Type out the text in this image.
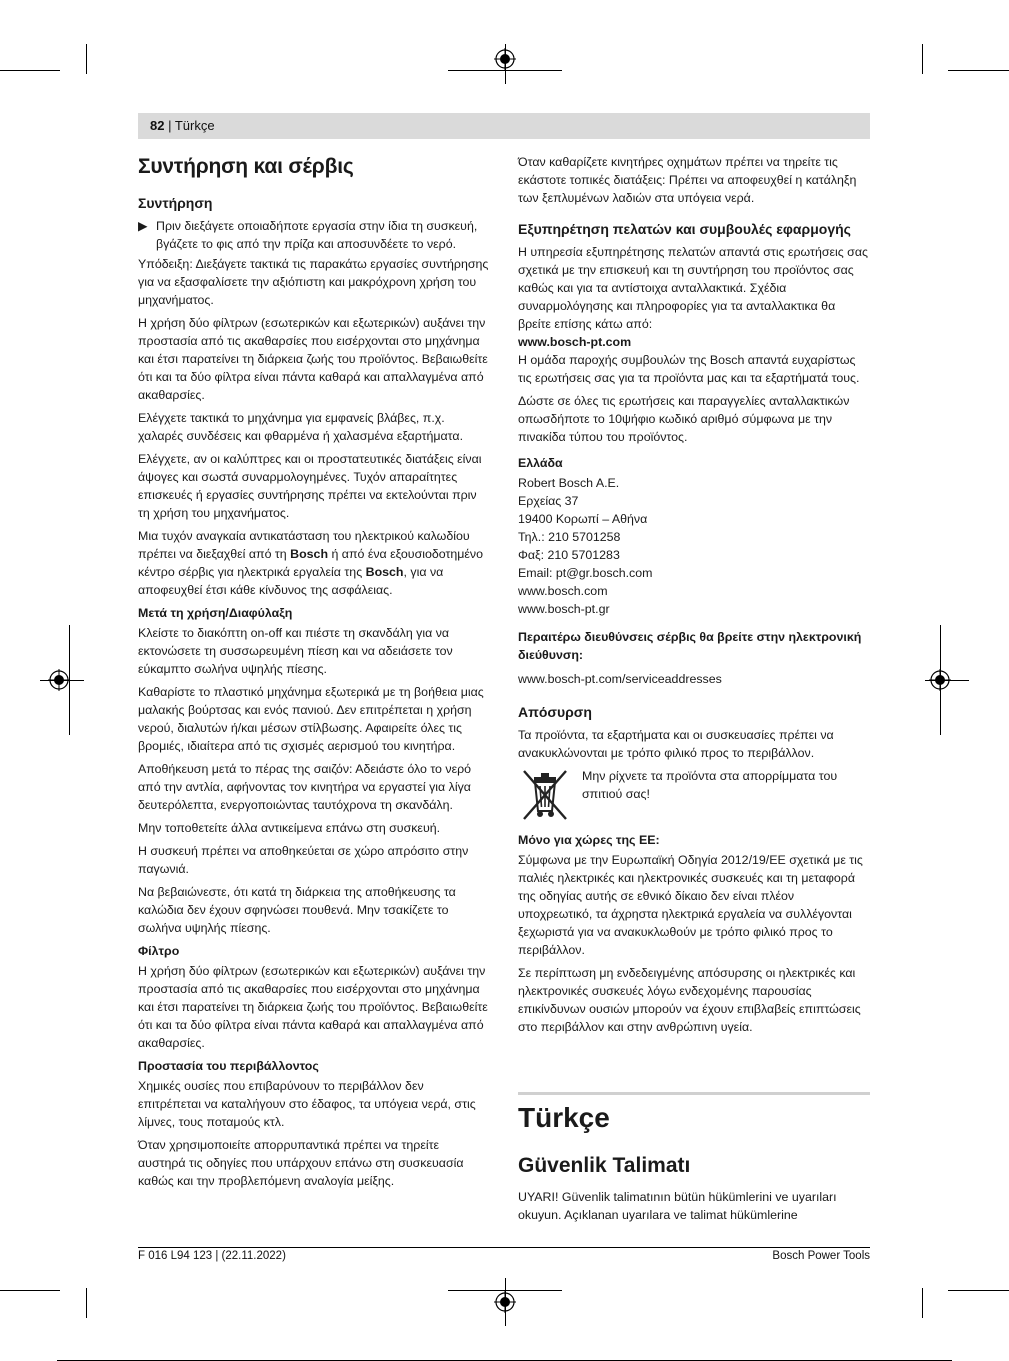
82 | Türkçe
Συντήρηση και σέρβις
Συντήρηση

▶ Πριν διεξάγετε οποιαδήποτε εργασία στην ίδια τη συσκευή, βγάζετε το φις από την πρίζα και αποσυνδέετε το νερό.

Υπόδειξη: Διεξάγετε τακτικά τις παρακάτω εργασίες συντήρησης για να εξασφαλίσετε την αξιόπιστη και μακρόχρονη χρήση του μηχανήματος.

Η χρήση δύο φίλτρων (εσωτερικών και εξωτερικών) αυξάνει την προστασία από τις ακαθαρσίες που εισέρχονται στο μηχάνημα και έτσι παρατείνει τη διάρκεια ζωής του προϊόντος. Βεβαιωθείτε ότι και τα δύο φίλτρα είναι πάντα καθαρά και απαλλαγμένα από ακαθαρσίες.

Ελέγχετε τακτικά το μηχάνημα για εμφανείς βλάβες, π.χ. χαλαρές συνδέσεις και φθαρμένα ή χαλασμένα εξαρτήματα.

Ελέγχετε, αν οι καλύπτρες και οι προστατευτικές διατάξεις είναι άψογες και σωστά συναρμολογημένες. Τυχόν απαραίτητες επισκευές ή εργασίες συντήρησης πρέπει να εκτελούνται πριν τη χρήση του μηχανήματος.

Μια τυχόν αναγκαία αντικατάσταση του ηλεκτρικού καλωδίου πρέπει να διεξαχθεί από τη Bosch ή από ένα εξουσιοδοτημένο κέντρο σέρβις για ηλεκτρικά εργαλεία της Bosch, για να αποφευχθεί έτσι κάθε κίνδυνος της ασφάλειας.

Μετά τη χρήση/Διαφύλαξη

Κλείστε το διακόπτη on-off και πιέστε τη σκανδάλη για να εκτονώσετε τη συσσωρευμένη πίεση και να αδειάσετε τον εύκαμπτο σωλήνα υψηλής πίεσης.

Καθαρίστε το πλαστικό μηχάνημα εξωτερικά με τη βοήθεια μιας μαλακής βούρτσας και ενός πανιού. Δεν επιτρέπεται η χρήση νερού, διαλυτών ή/και μέσων στίλβωσης. Αφαιρείτε όλες τις βρομιές, ιδιαίτερα από τις σχισμές αερισμού του κινητήρα.

Αποθήκευση μετά το πέρας της σαιζόν: Αδειάστε όλο το νερό από την αντλία, αφήνοντας τον κινητήρα να εργαστεί για λίγα δευτερόλεπτα, ενεργοποιώντας ταυτόχρονα τη σκανδάλη.

Μην τοποθετείτε άλλα αντικείμενα επάνω στη συσκευή.

Η συσκευή πρέπει να αποθηκεύεται σε χώρο απρόσιτο στην παγωνιά.

Να βεβαιώνεστε, ότι κατά τη διάρκεια της αποθήκευσης τα καλώδια δεν έχουν σφηνώσει πουθενά. Μην τσακίζετε το σωλήνα υψηλής πίεσης.

Φίλτρο

Η χρήση δύο φίλτρων (εσωτερικών και εξωτερικών) αυξάνει την προστασία από τις ακαθαρσίες που εισέρχονται στο μηχάνημα και έτσι παρατείνει τη διάρκεια ζωής του προϊόντος. Βεβαιωθείτε ότι και τα δύο φίλτρα είναι πάντα καθαρά και απαλλαγμένα από ακαθαρσίες.

Προστασία του περιβάλλοντος

Χημικές ουσίες που επιβαρύνουν το περιβάλλον δεν επιτρέπεται να καταλήγουν στο έδαφος, τα υπόγεια νερά, στις λίμνες, τους ποταμούς κτλ.

Όταν χρησιμοποιείτε απορρυπαντικά πρέπει να τηρείτε αυστηρά τις οδηγίες που υπάρχουν επάνω στη συσκευασία καθώς και την προβλεπόμενη αναλογία μείξης.

Όταν καθαρίζετε κινητήρες οχημάτων πρέπει να τηρείτε τις εκάστοτε τοπικές διατάξεις: Πρέπει να αποφευχθεί η κατάληξη των ξεπλυμένων λαδιών στα υπόγεια νερά.

Εξυπηρέτηση πελατών και συμβουλές εφαρμογής

Η υπηρεσία εξυπηρέτησης πελατών απαντά στις ερωτήσεις σας σχετικά με την επισκευή και τη συντήρηση του προϊόντος σας καθώς και για τα αντίστοιχα ανταλλακτικά. Σχέδια συναρμολόγησης και πληροφορίες για τα ανταλλακτικα θα βρείτε επίσης κάτω από:

www.bosch-pt.com

Η ομάδα παροχής συμβουλών της Bosch απαντά ευχαρίστως τις ερωτήσεις σας για τα προϊόντα μας και τα εξαρτήματά τους.

Δώστε σε όλες τις ερωτήσεις και παραγγελίες ανταλλακτικών οπωσδήποτε το 10ψήφιο κωδικό αριθμό σύμφωνα με την πινακίδα τύπου του προϊόντος.

Ελλάδα

Robert Bosch A.E.

Ερχείας 37

19400 Κορωπί – Αθήνα

Τηλ.: 210 5701258

Φαξ: 210 5701283

Email: pt@gr.bosch.com

www.bosch.com

www.bosch-pt.gr

Περαιτέρω διευθύνσεις σέρβις θα βρείτε στην ηλεκτρονική διεύθυνση:

www.bosch-pt.com/serviceaddresses

Απόσυρση

Τα προϊόντα, τα εξαρτήματα και οι συσκευασίες πρέπει να ανακυκλώνονται με τρόπο φιλικό προς το περιβάλλον.

Μην ρίχνετε τα προϊόντα στα απορρίμματα του σπιτιού σας!
Μόνο για χώρες της ΕΕ:

Σύμφωνα με την Ευρωπαϊκή Οδηγία 2012/19/ΕΕ σχετικά με τις παλιές ηλεκτρικές και ηλεκτρονικές συσκευές και τη μεταφορά της οδηγίας αυτής σε εθνικό δίκαιο δεν είναι πλέον υποχρεωτικό, τα άχρηστα ηλεκτρικά εργαλεία να συλλέγονται ξεχωριστά για να ανακυκλωθούν με τρόπο φιλικό προς το περιβάλλον.

Σε περίπτωση μη ενδεδειγμένης απόσυρσης οι ηλεκτρικές και ηλεκτρονικές συσκευές λόγω ενδεχομένης παρουσίας επικίνδυνων ουσιών μπορούν να έχουν επιβλαβείς επιπτώσεις στο περιβάλλον και στην ανθρώπινη υγεία.

Türkçe
Güvenlik Talimatı

UYARI! Güvenlik talimatının bütün hükümlerini ve uyarıları okuyun. Açıklanan uyarılara ve talimat hükümlerine

F 016 L94 123 | (22.11.2022)	Bosch Power Tools
